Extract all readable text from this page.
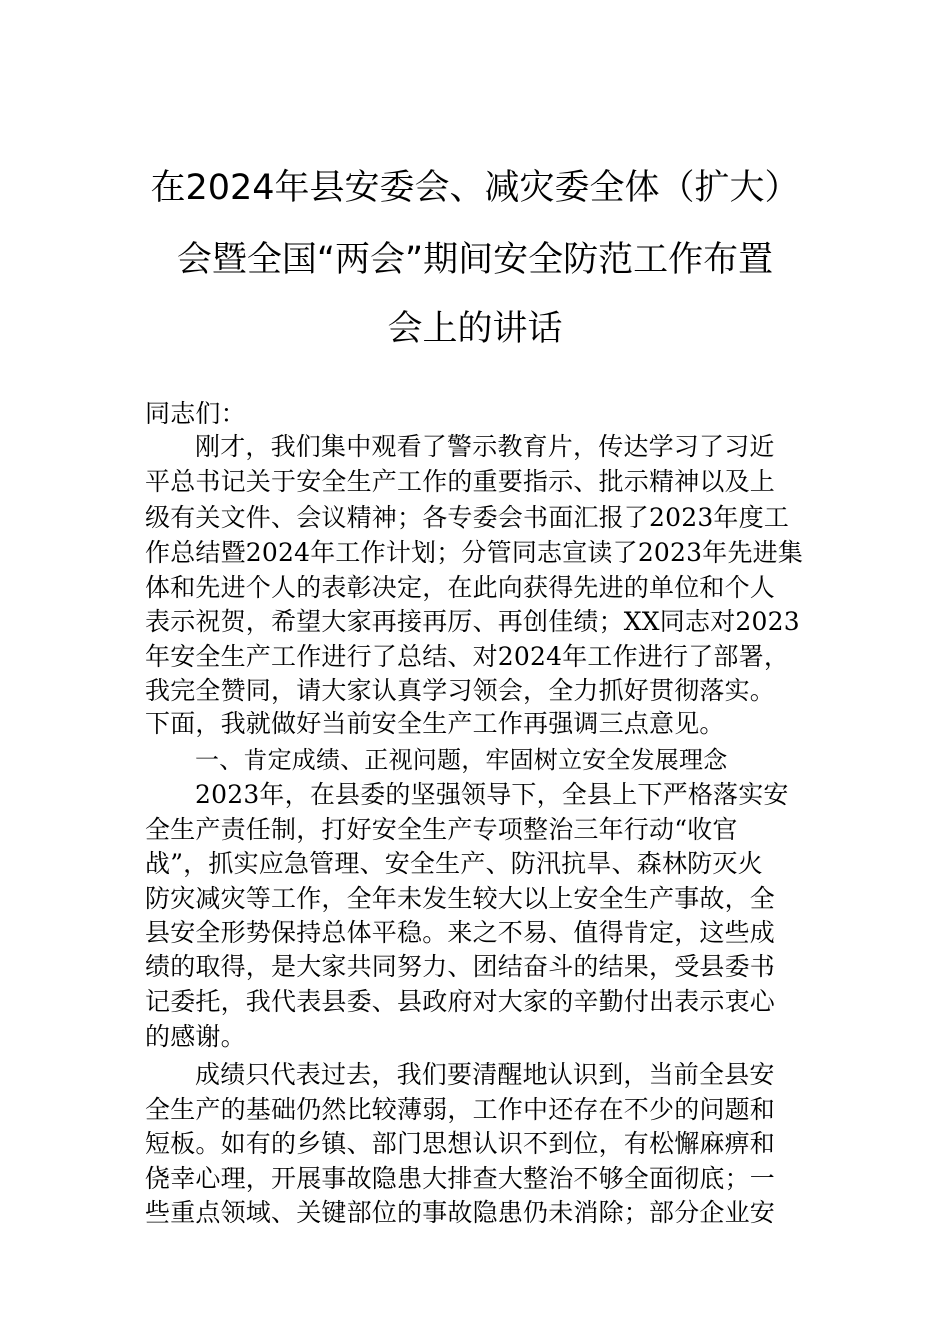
在2024年县安委会、减灾委全体（扩大）
会暨全国“两会”期间安全防范工作布置
会上的讲话
同志们：
刚才，我们集中观看了警示教育片，传达学习了习近
平总书记关于安全生产工作的重要指示、批示精神以及上
级有关文件、会议精神；各专委会书面汇报了2023年度工
作总结暨2024年工作计划；分管同志宣读了2023年先进集
体和先进个人的表彰决定，在此向获得先进的单位和个人
表示祝贺，希望大家再接再厉、再创佳绩；XX同志对2023
年安全生产工作进行了总结、对2024年工作进行了部署，
我完全赞同，请大家认真学习领会，全力抓好贯彻落实。
下面，我就做好当前安全生产工作再强调三点意见。
一、肯定成绩、正视问题，牢固树立安全发展理念
2023年，在县委的坚强领导下，全县上下严格落实安
全生产责任制，打好安全生产专项整治三年行动“收官
战”，抓实应急管理、安全生产、防汛抗旱、森林防灭火
防灾减灾等工作，全年未发生较大以上安全生产事故，全
县安全形势保持总体平稳。来之不易、值得肯定，这些成
绩的取得，是大家共同努力、团结奋斗的结果，受县委书
记委托，我代表县委、县政府对大家的辛勤付出表示衷心
的感谢。
成绩只代表过去，我们要清醒地认识到，当前全县安
全生产的基础仍然比较薄弱，工作中还存在不少的问题和
短板。如有的乡镇、部门思想认识不到位，有松懈麻痹和
侥幸心理，开展事故隐患大排查大整治不够全面彻底；一
些重点领域、关键部位的事故隐患仍未消除；部分企业安
